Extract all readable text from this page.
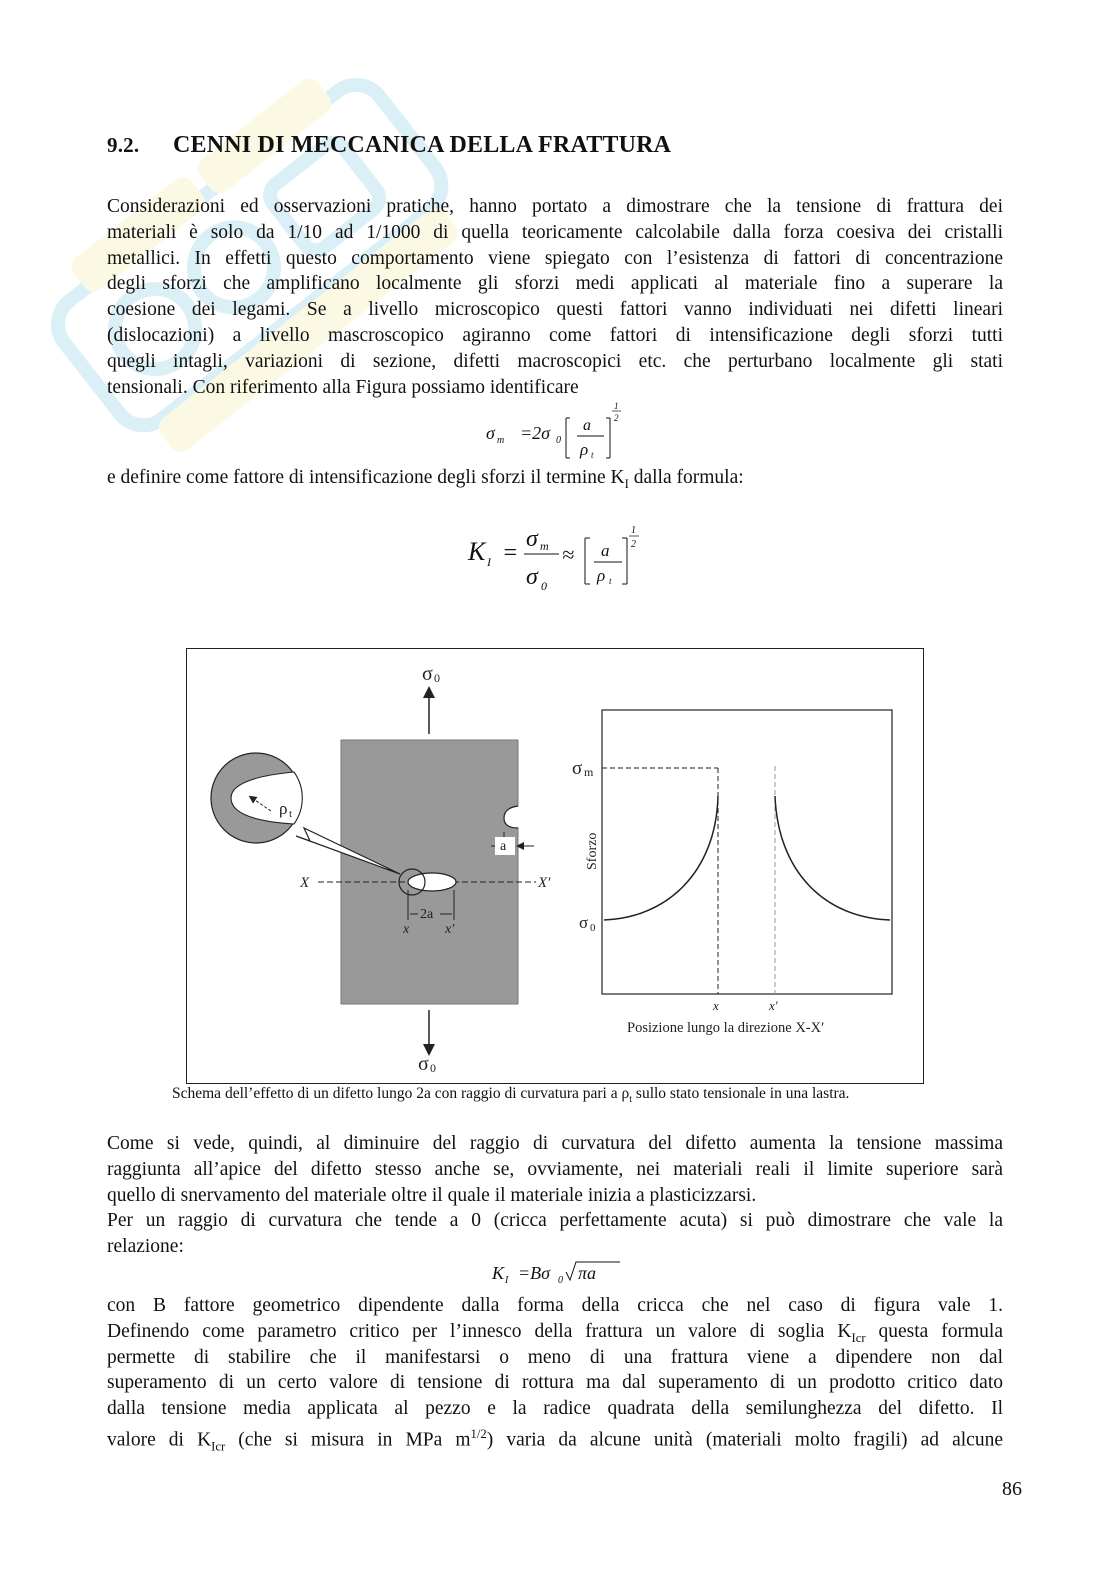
9.2. CENNI DI MECCANICA DELLA FRATTURA
Considerazioni ed osservazioni pratiche, hanno portato a dimostrare che la tensione di frattura dei
materiali è solo da 1/10 ad 1/1000 di quella teoricamente calcolabile dalla forza coesiva dei cristalli
metallici. In effetti questo comportamento viene spiegato con l’esistenza di fattori di concentrazione
degli sforzi che amplificano localmente gli sforzi medi applicati al materiale fino a superare la
coesione dei legami. Se a livello microscopico questi fattori vanno individuati nei difetti lineari
(dislocazioni) a livello mascroscopico agiranno come fattori di intensificazione degli sforzi tutti
quegli intagli, variazioni di sezione, difetti macroscopici etc. che perturbano localmente gli stati
tensionali. Con riferimento alla Figura possiamo identificare
σ m =2σ 0
a
ρ t
1
2
e definire come fattore di intensificazione degli sforzi il termine $K_I$ dalla formula:
K I =
σ m
σ 0
≈ a
ρ t
1
2
σ 0
a
X	X′
2a
x	x′
ρ t
σ 0
σ m
σ 0
Sforzo
x	x′
Posizione lungo la direzione X-X′
Schema dell’effetto di un difetto lungo 2a con raggio di curvatura pari a $\rho_t$ sullo stato tensionale in una lastra.
Come si vede, quindi, al diminuire del raggio di curvatura del difetto aumenta la tensione massima
raggiunta all’apice del difetto stesso anche se, ovviamente, nei materiali reali il limite superiore sarà
quello di snervamento del materiale oltre il quale il materiale inizia a plasticizzarsi.
Per un raggio di curvatura che tende a 0 (cricca perfettamente acuta) si può dimostrare che vale la
relazione:
K I =Bσ 0 πa
con B fattore geometrico dipendente dalla forma della cricca che nel caso di figura vale 1.
Definendo come parametro critico per l’innesco della frattura un valore di soglia $K_{Icr}$ questa formula
permette di stabilire che il manifestarsi o meno di una frattura viene a dipendere non dal
superamento di un certo valore di tensione di rottura ma dal superamento di un prodotto critico dato
dalla tensione media applicata al pezzo e la radice quadrata della semilunghezza del difetto. Il
valore di $K_{Icr}$ (che si misura in MPa $m^{1/2}$) varia da alcune unità (materiali molto fragili) ad alcune
86
